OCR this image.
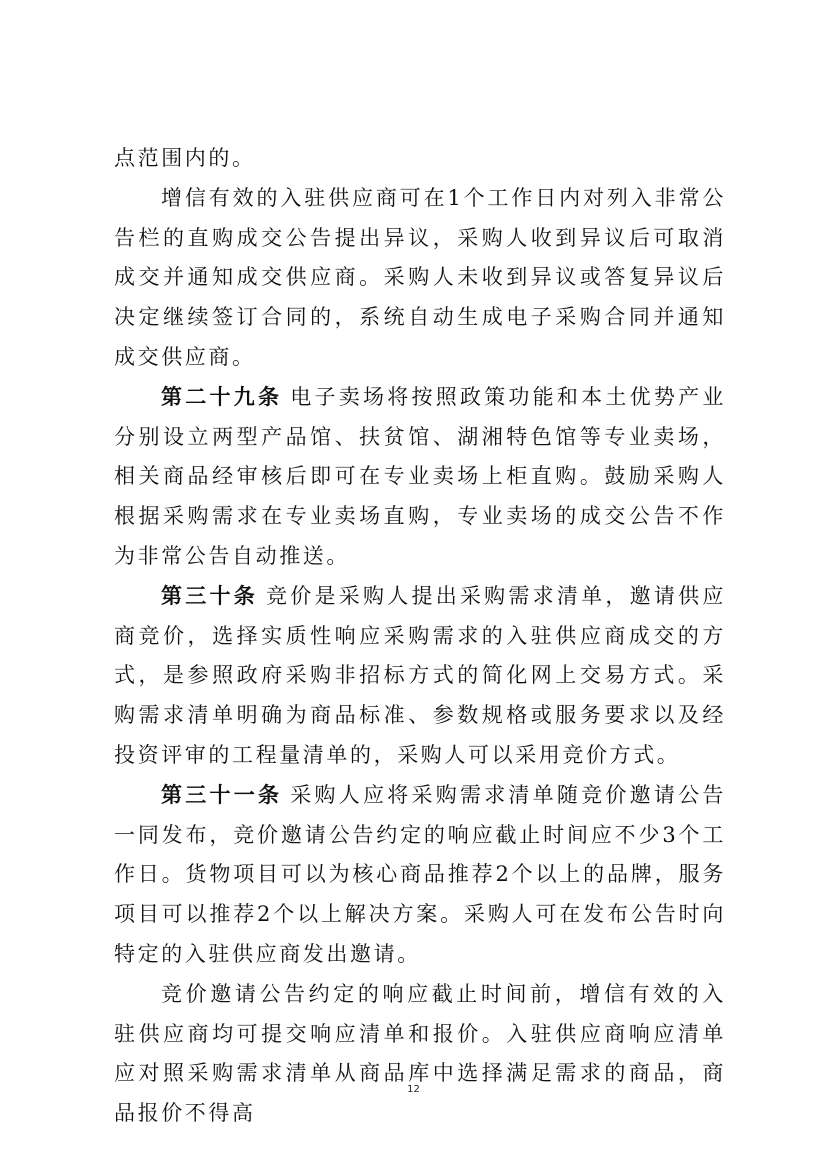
点范围内的。

增信有效的入驻供应商可在1个工作日内对列入非常公告栏的直购成交公告提出异议，采购人收到异议后可取消成交并通知成交供应商。采购人未收到异议或答复异议后决定继续签订合同的，系统自动生成电子采购合同并通知成交供应商。

第二十九条 电子卖场将按照政策功能和本土优势产业分别设立两型产品馆、扶贫馆、湖湘特色馆等专业卖场，相关商品经审核后即可在专业卖场上柜直购。鼓励采购人根据采购需求在专业卖场直购，专业卖场的成交公告不作为非常公告自动推送。

第三十条 竞价是采购人提出采购需求清单，邀请供应商竞价，选择实质性响应采购需求的入驻供应商成交的方式，是参照政府采购非招标方式的简化网上交易方式。采购需求清单明确为商品标准、参数规格或服务要求以及经投资评审的工程量清单的，采购人可以采用竞价方式。

第三十一条 采购人应将采购需求清单随竞价邀请公告一同发布，竞价邀请公告约定的响应截止时间应不少3个工作日。货物项目可以为核心商品推荐2个以上的品牌，服务项目可以推荐2个以上解决方案。采购人可在发布公告时向特定的入驻供应商发出邀请。

竞价邀请公告约定的响应截止时间前，增信有效的入驻供应商均可提交响应清单和报价。入驻供应商响应清单应对照采购需求清单从商品库中选择满足需求的商品，商品报价不得高

12
